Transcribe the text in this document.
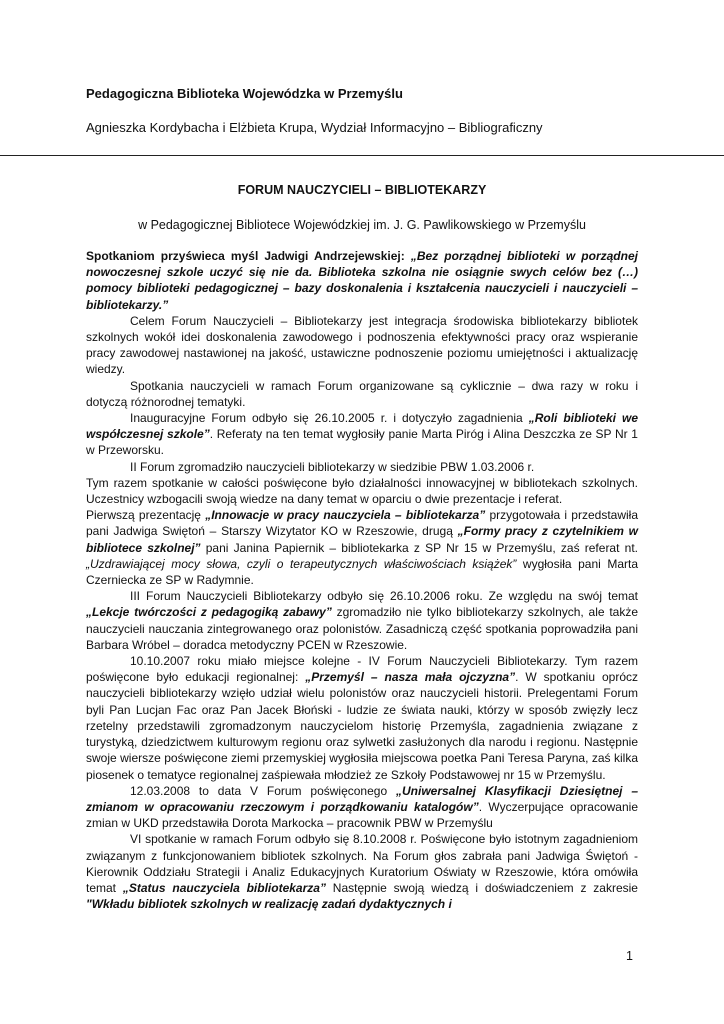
Pedagogiczna Biblioteka Wojewódzka w Przemyślu
Agnieszka Kordybacha i Elżbieta Krupa, Wydział Informacyjno – Bibliograficzny
FORUM NAUCZYCIELI – BIBLIOTEKARZY
w Pedagogicznej Bibliotece Wojewódzkiej im. J. G. Pawlikowskiego w Przemyślu

Spotkaniom przyświeca myśl Jadwigi Andrzejewskiej: „Bez porządnej biblioteki w porządnej nowoczesnej szkole uczyć się nie da. Biblioteka szkolna nie osiągnie swych celów bez (…) pomocy biblioteki pedagogicznej – bazy doskonalenia i kształcenia nauczycieli i nauczycieli –bibliotekarzy.”

Celem Forum Nauczycieli – Bibliotekarzy jest integracja środowiska bibliotekarzy bibliotek szkolnych wokół idei doskonalenia zawodowego i podnoszenia efektywności pracy oraz wspieranie pracy zawodowej nastawionej na jakość, ustawiczne podnoszenie poziomu umiejętności i aktualizację wiedzy.

Spotkania nauczycieli w ramach Forum organizowane są cyklicznie – dwa razy w roku i dotyczą różnorodnej tematyki.

Inauguracyjne Forum odbyło się 26.10.2005 r. i dotyczyło zagadnienia „Roli biblioteki we współczesnej szkole”. Referaty na ten temat wygłosiły panie Marta Piróg i Alina Deszczka ze SP Nr 1 w Przeworsku.

II Forum zgromadziło nauczycieli bibliotekarzy w siedzibie PBW 1.03.2006 r.

Tym razem spotkanie w całości poświęcone było działalności innowacyjnej w bibliotekach szkolnych. Uczestnicy wzbogacili swoją wiedze na dany temat w oparciu o dwie prezentacje i referat.

Pierwszą prezentację „Innowacje w pracy nauczyciela – bibliotekarza” przygotowała i przedstawiła pani Jadwiga Swiętoń – Starszy Wizytator KO w Rzeszowie, drugą „Formy pracy z czytelnikiem w bibliotece szkolnej” pani Janina Papiernik – bibliotekarka z SP Nr 15 w Przemyślu, zaś referat nt. „Uzdrawiającej mocy słowa, czyli o terapeutycznych właściwościach książek” wygłosiła pani Marta Czerniecka ze SP w Radymnie.

III Forum Nauczycieli Bibliotekarzy odbyło się 26.10.2006 roku. Ze względu na swój temat „Lekcje twórczości z pedagogiką zabawy” zgromadziło nie tylko bibliotekarzy szkolnych, ale także nauczycieli nauczania zintegrowanego oraz polonistów. Zasadniczą część spotkania poprowadziła pani Barbara Wróbel – doradca metodyczny PCEN w Rzeszowie.

10.10.2007 roku miało miejsce kolejne - IV Forum Nauczycieli Bibliotekarzy. Tym razem poświęcone było edukacji regionalnej: „Przemyśl – nasza mała ojczyzna”. W spotkaniu oprócz nauczycieli bibliotekarzy wzięło udział wielu polonistów oraz nauczycieli historii. Prelegentami Forum byli Pan Lucjan Fac oraz Pan Jacek Błoński - ludzie ze świata nauki, którzy w sposób zwięzły lecz rzetelny przedstawili zgromadzonym nauczycielom historię Przemyśla, zagadnienia związane z turystyką, dziedzictwem kulturowym regionu oraz sylwetki zasłużonych dla narodu i regionu. Następnie swoje wiersze poświęcone ziemi przemyskiej wygłosiła miejscowa poetka Pani Teresa Paryna, zaś kilka piosenek o tematyce regionalnej zaśpiewała młodzież ze Szkoły Podstawowej nr 15 w Przemyślu.

12.03.2008 to data V Forum poświęconego „Uniwersalnej Klasyfikacji Dziesiętnej – zmianom w opracowaniu rzeczowym i porządkowaniu katalogów”. Wyczerpujące opracowanie zmian w UKD przedstawiła Dorota Markocka – pracownik PBW w Przemyślu

VI spotkanie w ramach Forum odbyło się 8.10.2008 r. Poświęcone było istotnym zagadnieniom związanym z funkcjonowaniem bibliotek szkolnych. Na Forum głos zabrała pani Jadwiga Świętoń - Kierownik Oddziału Strategii i Analiz Edukacyjnych Kuratorium Oświaty w Rzeszowie, która omówiła temat „Status nauczyciela bibliotekarza” Następnie swoją wiedzą i doświadczeniem z zakresie "Wkładu bibliotek szkolnych w realizację zadań dydaktycznych i

1
